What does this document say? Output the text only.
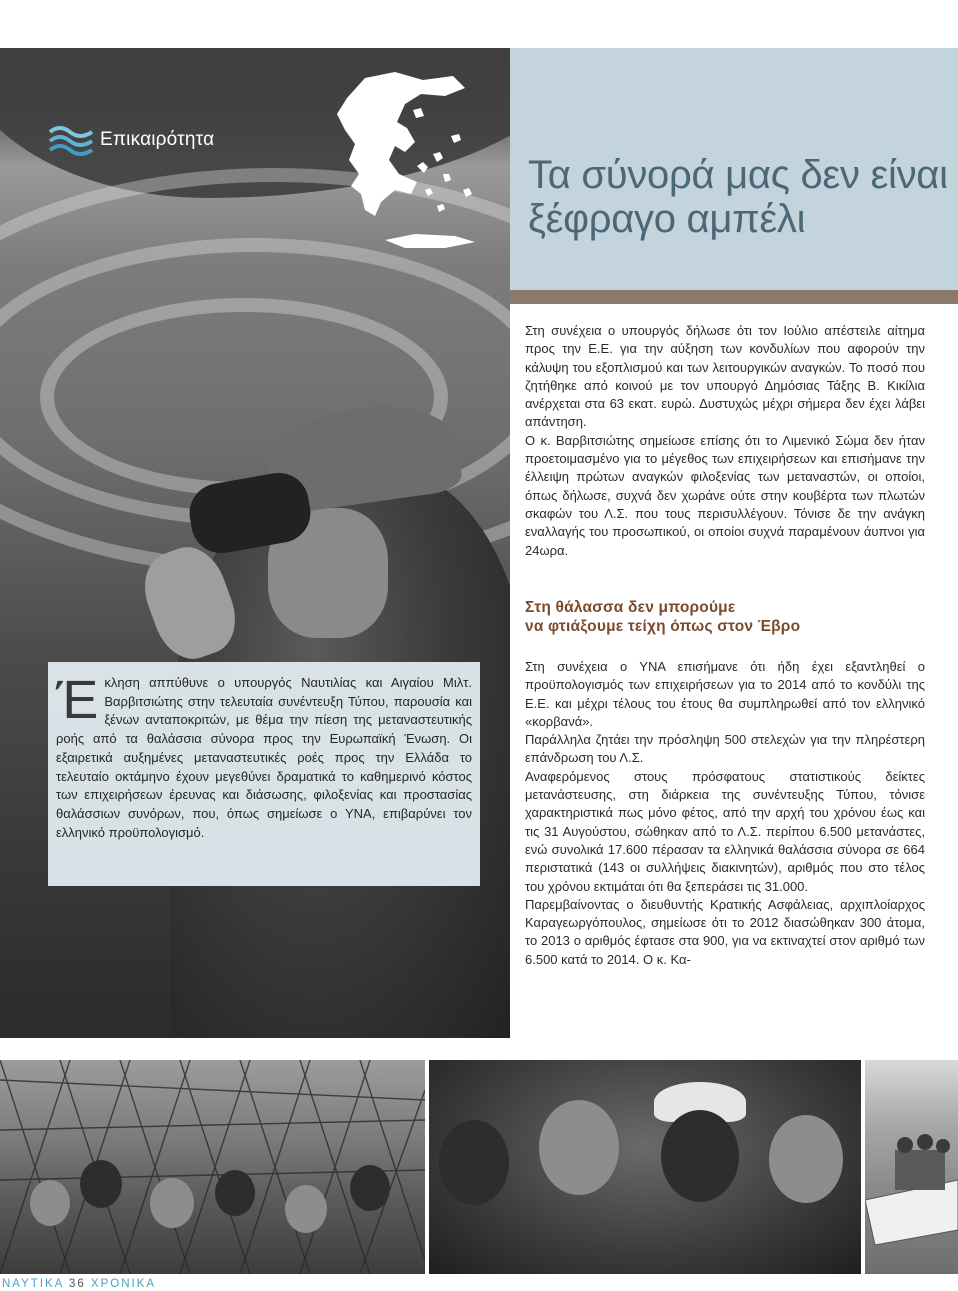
Επικαιρότητα
Τα σύνορά μας δεν είναι ξέφραγο αμπέλι

Στη συνέχεια ο υπουργός δήλωσε ότι τον Ιούλιο απέστειλε αίτημα προς την Ε.Ε. για την αύξηση των κονδυλίων που αφορούν την κάλυψη του εξοπλισμού και των λειτουργικών αναγκών. Το ποσό που ζητήθηκε από κοινού με τον υπουργό Δημόσιας Τάξης Β. Κικίλια ανέρχεται στα 63 εκατ. ευρώ. Δυστυχώς μέχρι σήμερα δεν έχει λάβει απάντηση.

Ο κ. Βαρβιτσιώτης σημείωσε επίσης ότι το Λιμενικό Σώμα δεν ήταν προετοιμασμένο για το μέγεθος των επιχειρήσεων και επισήμανε την έλλειψη πρώτων αναγκών φιλοξενίας των μεταναστών, οι οποίοι, όπως δήλωσε, συχνά δεν χωράνε ούτε στην κουβέρτα των πλωτών σκαφών του Λ.Σ. που τους περισυλλέγουν. Τόνισε δε την ανάγκη εναλλαγής του προσωπικού, οι οποίοι συχνά παραμένουν άυπνοι για 24ωρα.

Στη θάλασσα δεν μπορούμε
να φτιάξουμε τείχη όπως στον Έβρο

Στη συνέχεια ο ΥΝΑ επισήμανε ότι ήδη έχει εξαντληθεί ο προϋπολογισμός των επιχειρήσεων για το 2014 από το κονδύλι της Ε.Ε. και μέχρι τέλους του έτους θα συμπληρωθεί από τον ελληνικό «κορβανά».

Παράλληλα ζητάει την πρόσληψη 500 στελεχών για την πληρέστερη επάνδρωση του Λ.Σ.

Αναφερόμενος στους πρόσφατους στατιστικούς δείκτες μετανάστευσης, στη διάρκεια της συνέντευξης Τύπου, τόνισε χαρακτηριστικά πως μόνο φέτος, από την αρχή του χρόνου έως και τις 31 Αυγούστου, σώθηκαν από το Λ.Σ. περίπου 6.500 μετανάστες, ενώ συνολικά 17.600 πέρασαν τα ελληνικά θαλάσσια σύνορα σε 664 περιστατικά (143 οι συλλήψεις διακινητών), αριθμός που στο τέλος του χρόνου εκτιμάται ότι θα ξεπεράσει τις 31.000.

Παρεμβαίνοντας ο διευθυντής Κρατικής Ασφάλειας, αρχιπλοίαρχος Καραγεωργόπουλος, σημείωσε ότι το 2012 διασώθηκαν 300 άτομα, το 2013 ο αριθμός έφτασε στα 900, για να εκτιναχτεί στον αριθμό των 6.500 κατά το 2014. Ο κ. Κα-

Έκληση αππύθυνε ο υπουργός Ναυτιλίας και Αιγαίου Μιλτ. Βαρβιτσιώτης στην τελευταία συνέντευξη Τύπου, παρουσία και ξένων ανταποκριτών, με θέμα την πίεση της μεταναστευτικής ροής από τα θαλάσσια σύνορα προς την Ευρωπαϊκή Ένωση. Οι εξαιρετικά αυξημένες μεταναστευτικές ροές προς την Ελλάδα το τελευταίο οκτάμηνο έχουν μεγεθύνει δραματικά το καθημερινό κόστος των επιχειρήσεων έρευνας και διάσωσης, φιλοξενίας και προστασίας θαλάσσιων συνόρων, που, όπως σημείωσε ο ΥΝΑ, επιβαρύνει τον ελληνικό προϋπολογισμό.

ΝΑΥΤΙΚΑ 36 ΧΡΟΝΙΚΑ
